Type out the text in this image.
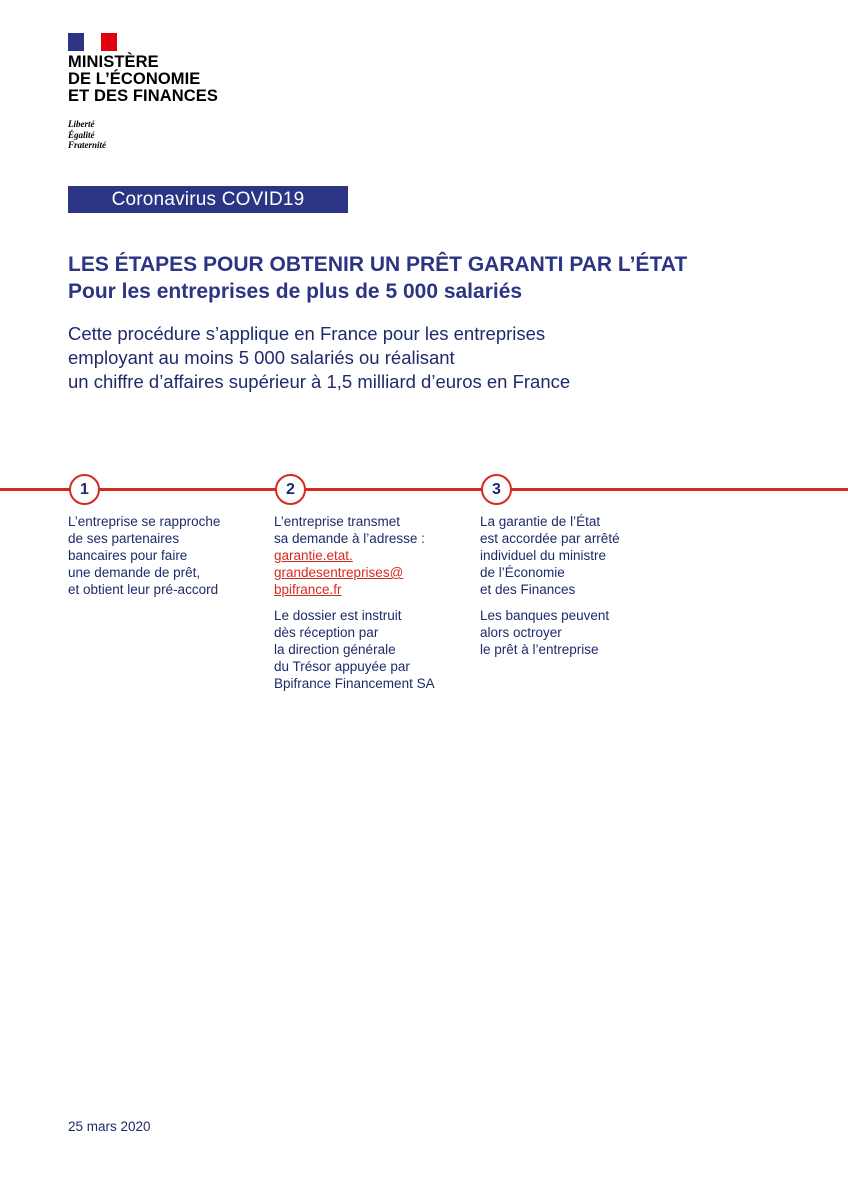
MINISTÈRE
DE L’ÉCONOMIE
ET DES FINANCES
Liberté
Égalité
Fraternité
Coronavirus COVID19
LES ÉTAPES POUR OBTENIR UN PRÊT GARANTI PAR L’ÉTAT
Pour les entreprises de plus de 5 000 salariés
Cette procédure s’applique en France pour les entreprises
employant au moins 5 000 salariés ou réalisant
un chiffre d’affaires supérieur à 1,5 milliard d’euros en France
1	2	3
L’entreprise se rapproche
de ses partenaires
bancaires pour faire
une demande de prêt,
et obtient leur pré-accord
L’entreprise transmet
sa demande à l’adresse :
garantie.etat.
grandesentreprises@
bpifrance.fr
Le dossier est instruit
dès réception par
la direction générale
du Trésor appuyée par
Bpifrance Financement SA
La garantie de l’État
est accordée par arrêté
individuel du ministre
de l’Économie
et des Finances
Les banques peuvent
alors octroyer
le prêt à l’entreprise
25 mars 2020
